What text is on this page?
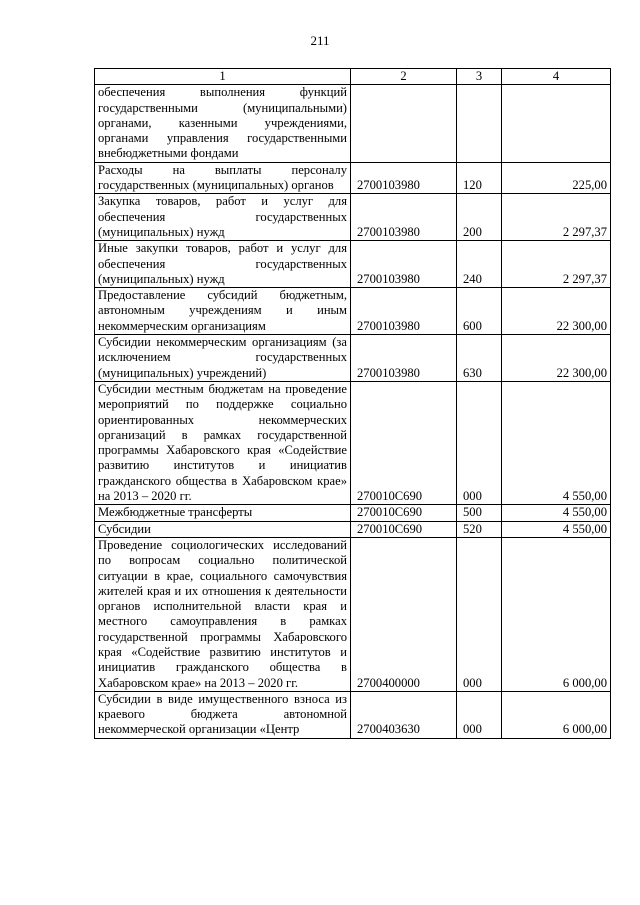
211
1	2	3	4
обеспечения выполнения функций государственными (муниципальными) органами, казенными учреждениями, органами управления государственными внебюджетными фондами			
Расходы на выплаты персоналу государственных (муниципальных) органов	2700103980	120	225,00
Закупка товаров, работ и услуг для обеспечения государственных (муниципальных) нужд	2700103980	200	2 297,37
Иные закупки товаров, работ и услуг для обеспечения государственных (муниципальных) нужд	2700103980	240	2 297,37
Предоставление субсидий бюджетным, автономным учреждениям и иным некоммерческим организациям	2700103980	600	22 300,00
Субсидии некоммерческим организациям (за исключением государственных (муниципальных) учреждений)	2700103980	630	22 300,00
Субсидии местным бюджетам на проведение мероприятий по поддержке социально ориентированных некоммерческих организаций в рамках государственной программы Хабаровского края «Содействие развитию институтов и инициатив гражданского общества в Хабаровском крае» на 2013 – 2020 гг.	270010С690	000	4 550,00
Межбюджетные трансферты	270010С690	500	4 550,00
Субсидии	270010С690	520	4 550,00
Проведение социологических исследований по вопросам социально политической ситуации в крае, социального самочувствия жителей края и их отношения к деятельности органов исполнительной власти края и местного самоуправления в рамках государственной программы Хабаровского края «Содействие развитию институтов и инициатив гражданского общества в Хабаровском крае» на 2013 – 2020 гг.	2700400000	000	6 000,00
Субсидии в виде имущественного взноса из краевого бюджета автономной некоммерческой организации «Центр	2700403630	000	6 000,00
